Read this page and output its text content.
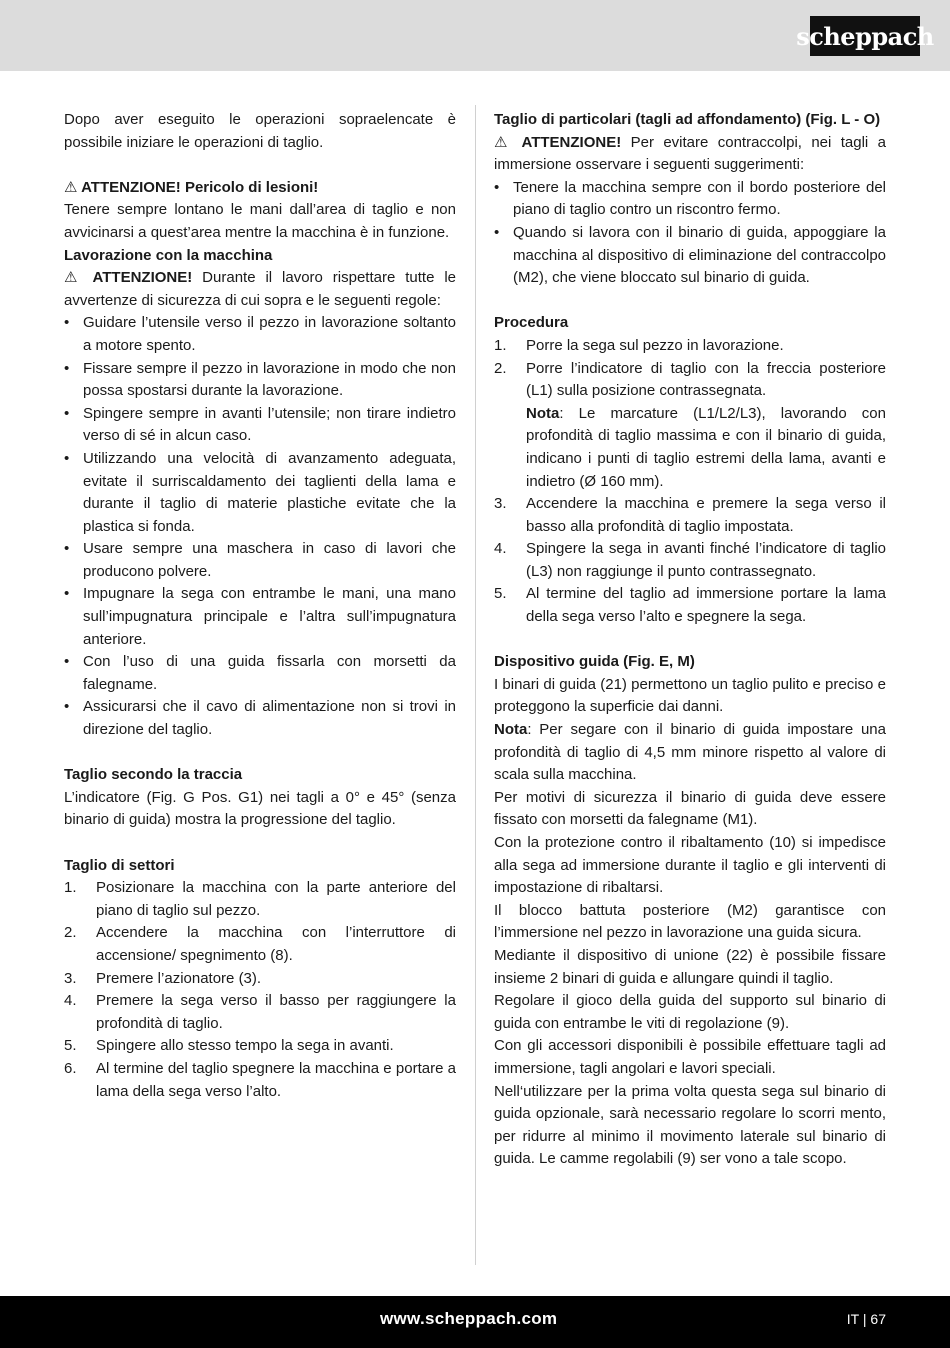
scheppach

Dopo aver eseguito le operazioni sopraelencate è possibile iniziare le operazioni di taglio.

⚠ ATTENZIONE! Pericolo di lesioni!

Tenere sempre lontano le mani dall’area di taglio e non avvicinarsi a quest’area mentre la macchina è in funzione.

Lavorazione con la macchina

⚠ ATTENZIONE! Durante il lavoro rispettare tutte le avvertenze di sicurezza di cui sopra e le seguenti regole:

• Guidare l’utensile verso il pezzo in lavorazione soltanto a motore spento.
• Fissare sempre il pezzo in lavorazione in modo che non possa spostarsi durante la lavorazione.
• Spingere sempre in avanti l’utensile; non tirare indietro verso di sé in alcun caso.
• Utilizzando una velocità di avanzamento adeguata, evitate il surriscaldamento dei taglienti della lama e durante il taglio di materie plastiche evitate che la plastica si fonda.
• Usare sempre una maschera in caso di lavori che producono polvere.
• Impugnare la sega con entrambe le mani, una mano sull’impugnatura principale e l’altra sull’impugnatura anteriore.
• Con l’uso di una guida fissarla con morsetti da falegname.
• Assicurarsi che il cavo di alimentazione non si trovi in direzione del taglio.
Taglio secondo la traccia

L’indicatore (Fig. G Pos. G1) nei tagli a 0° e 45° (senza binario di guida) mostra la progressione del taglio.

Taglio di settori
1. Posizionare la macchina con la parte anteriore del piano di taglio sul pezzo.
2. Accendere la macchina con l’interruttore di accensione/ spegnimento (8).
3. Premere l’azionatore (3).
4. Premere la sega verso il basso per raggiungere la profondità di taglio.
5. Spingere allo stesso tempo la sega in avanti.
6. Al termine del taglio spegnere la macchina e portare a lama della sega verso l’alto.
Taglio di particolari (tagli ad affondamento) (Fig. L - O)

⚠ ATTENZIONE! Per evitare contraccolpi, nei tagli a immersione osservare i seguenti suggerimenti:

• Tenere la macchina sempre con il bordo posteriore del piano di taglio contro un riscontro fermo.
• Quando si lavora con il binario di guida, appoggiare la macchina al dispositivo di eliminazione del contraccolpo (M2), che viene bloccato sul binario di guida.
Procedura
1. Porre la sega sul pezzo in lavorazione.
2. Porre l’indicatore di taglio con la freccia posteriore (L1) sulla posizione contrassegnata.
Nota: Le marcature (L1/L2/L3), lavorando con profondità di taglio massima e con il binario di guida, indicano i punti di taglio estremi della lama, avanti e indietro (Ø 160 mm).
3. Accendere la macchina e premere la sega verso il basso alla profondità di taglio impostata.
4. Spingere la sega in avanti finché l’indicatore di taglio (L3) non raggiunge il punto contrassegnato.
5. Al termine del taglio ad immersione portare la lama della sega verso l’alto e spegnere la sega.
Dispositivo guida (Fig. E, M)

I binari di guida (21) permettono un taglio pulito e preciso e proteggono la superficie dai danni.

Nota: Per segare con il binario di guida impostare una profondità di taglio di 4,5 mm minore rispetto al valore di scala sulla macchina.

Per motivi di sicurezza il binario di guida deve essere fissato con morsetti da falegname (M1).

Con la protezione contro il ribaltamento (10) si impedisce alla sega ad immersione durante il taglio e gli interventi di impostazione di ribaltarsi.

Il blocco battuta posteriore (M2) garantisce con l’immersione nel pezzo in lavorazione una guida sicura.

Mediante il dispositivo di unione (22) è possibile fissare insieme 2 binari di guida e allungare quindi il taglio.

Regolare il gioco della guida del supporto sul binario di guida con entrambe le viti di regolazione (9).

Con gli accessori disponibili è possibile effettuare tagli ad immersione, tagli angolari e lavori speciali.

Nell‘utilizzare per la prima volta questa sega sul binario di guida opzionale, sarà necessario regolare lo scorri mento, per ridurre al minimo il movimento laterale sul binario di guida. Le camme regolabili (9) ser vono a tale scopo.

www.scheppach.com	IT | 67
